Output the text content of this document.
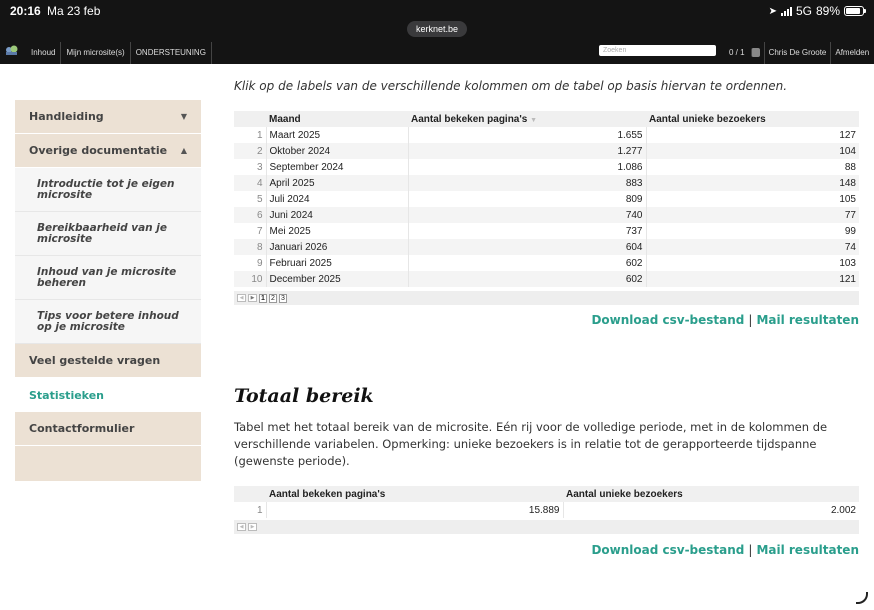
20:16 Ma 23 feb	➤ 5G 89%
kerknet.be
Inhoud	Mijn microsite(s)	ONDERSTEUNING	Zoeken	0 / 1	Chris De Groote	Afmelden
Handleiding	▼
Overige documentatie ▲
Introductie tot je eigen microsite
Bereikbaarheid van je microsite
Inhoud van je microsite beheren
Tips voor betere inhoud op je microsite
Veel gestelde vragen
Statistieken
Contactformulier
Klik op de labels van de verschillende kolommen om de tabel op basis hiervan te ordennen.
	Maand	Aantal bekeken pagina's ▼	Aantal unieke bezoekers
1	Maart 2025	1.655	127
2	Oktober 2024	1.277	104
3	September 2024	1.086	88
4	April 2025	883	148
5	Juli 2024	809	105
6	Juni 2024	740	77
7	Mei 2025	737	99
8	Januari 2026	604	74
9	Februari 2025	602	103
10	December 2025	602	121
◀	▶ 1 2 3
Download csv-bestand | Mail resultaten
Totaal bereik
Tabel met het totaal bereik van de microsite. Eén rij voor de volledige periode, met in de kolommen de verschillende variabelen. Opmerking: unieke bezoekers is in relatie tot de gerapporteerde tijdspanne (gewenste periode).
	Aantal bekeken pagina's	Aantal unieke bezoekers
1	15.889	2.002
◀	▶
Download csv-bestand | Mail resultaten
